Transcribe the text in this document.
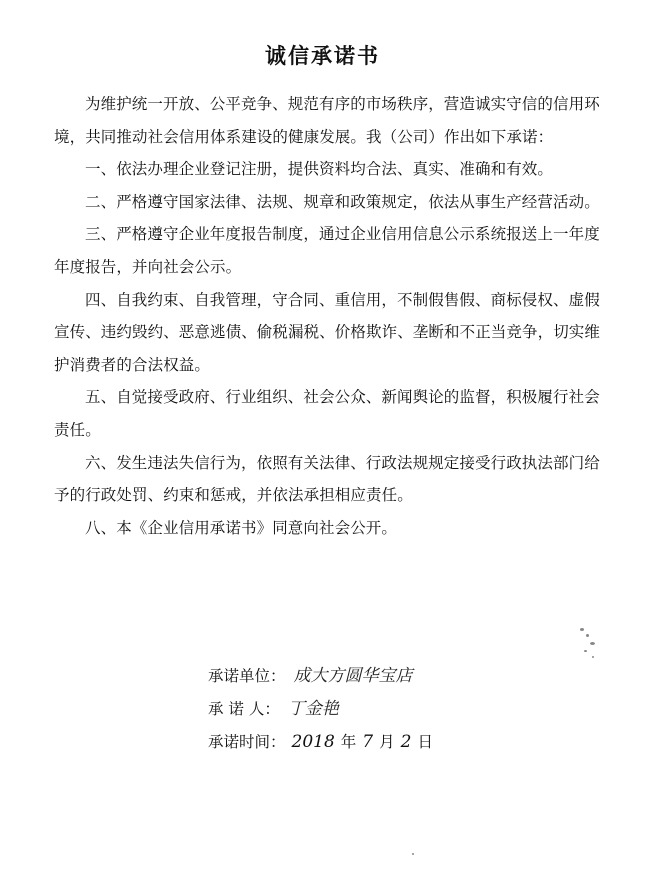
诚信承诺书

为维护统一开放、公平竞争、规范有序的市场秩序，营造诚实守信的信用环境，共同推动社会信用体系建设的健康发展。我（公司）作出如下承诺：

一、依法办理企业登记注册，提供资料均合法、真实、准确和有效。

二、严格遵守国家法律、法规、规章和政策规定，依法从事生产经营活动。

三、严格遵守企业年度报告制度，通过企业信用信息公示系统报送上一年度年度报告，并向社会公示。

四、自我约束、自我管理，守合同、重信用，不制假售假、商标侵权、虚假宣传、违约毁约、恶意逃债、偷税漏税、价格欺诈、垄断和不正当竞争，切实维护消费者的合法权益。

五、自觉接受政府、行业组织、社会公众、新闻舆论的监督，积极履行社会责任。

六、发生违法失信行为，依照有关法律、行政法规规定接受行政执法部门给予的行政处罚、约束和惩戒，并依法承担相应责任。

八、本《企业信用承诺书》同意向社会公开。

承诺单位： 成大方圆华宝店
承 诺 人： 丁金艳
承诺时间： 2018 年 7 月 2 日
